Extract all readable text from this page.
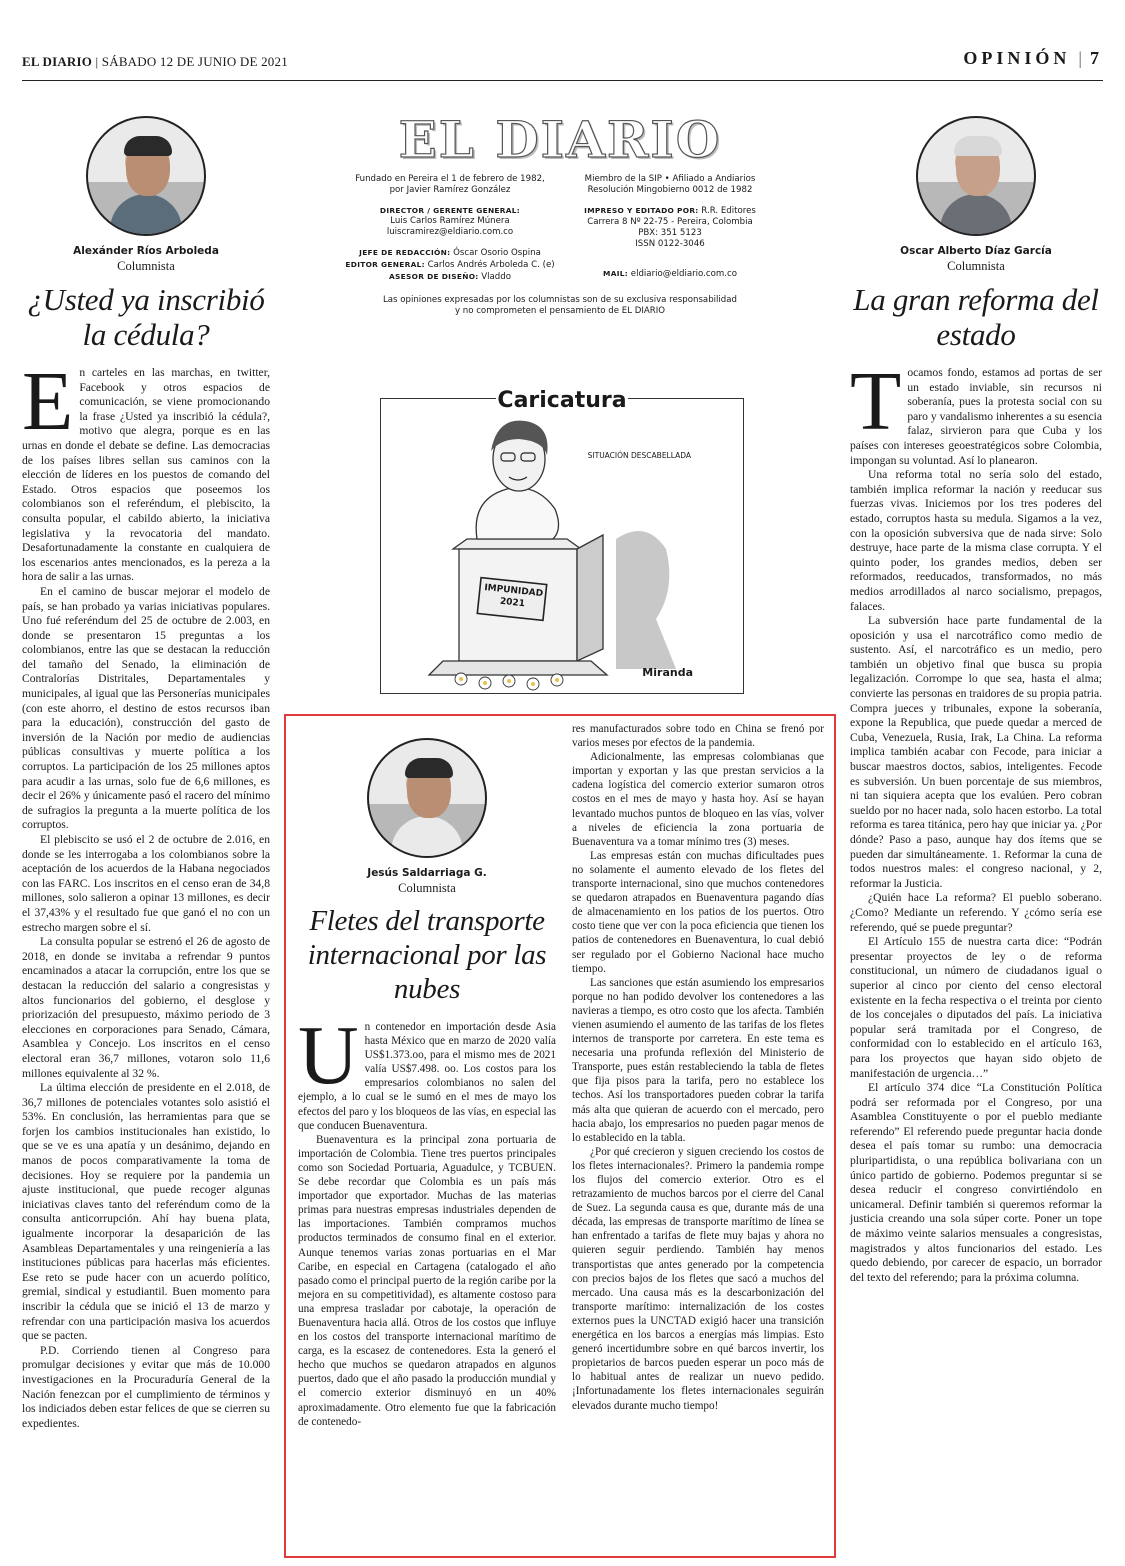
EL DIARIO | SÁBADO 12 DE JUNIO DE 2021	OPINIÓN | 7
Alexánder Ríos Arboleda
Columnista
¿Usted ya inscribió la cédula?
E n carteles en las marchas, en twitter, Facebook y otros espacios de comunicación, se viene promocionando la frase ¿Usted ya inscribió la cédula?, motivo que alegra, porque es en las urnas en donde el debate se define. Las democracias de los países libres sellan sus caminos con la elección de líderes en los puestos de comando del Estado. Otros espacios que poseemos los colombianos son el referéndum, el plebiscito, la consulta popular, el cabildo abierto, la iniciativa legislativa y la revocatoria del mandato. Desafortunadamente la constante en cualquiera de los escenarios antes mencionados, es la pereza a la hora de salir a las urnas.

En el camino de buscar mejorar el modelo de país, se han probado ya varias iniciativas populares. Uno fué referéndum del 25 de octubre de 2.003, en donde se presentaron 15 preguntas a los colombianos, entre las que se destacan la reducción del tamaño del Senado, la eliminación de Contralorías Distritales, Departamentales y municipales, al igual que las Personerías municipales (con este ahorro, el destino de estos recursos iban para la educación), construcción del gasto de inversión de la Nación por medio de audiencias públicas consultivas y muerte política a los corruptos. La participación de los 25 millones aptos para acudir a las urnas, solo fue de 6,6 millones, es decir el 26% y únicamente pasó el racero del mínimo de sufragios la pregunta a la muerte política de los corruptos.

El plebiscito se usó el 2 de octubre de 2.016, en donde se les interrogaba a los colombianos sobre la aceptación de los acuerdos de la Habana negociados con las FARC. Los inscritos en el censo eran de 34,8 millones, solo salieron a opinar 13 millones, es decir el 37,43% y el resultado fue que ganó el no con un estrecho margen sobre el sí.

La consulta popular se estrenó el 26 de agosto de 2018, en donde se invitaba a refrendar 9 puntos encaminados a atacar la corrupción, entre los que se destacan la reducción del salario a congresistas y altos funcionarios del gobierno, el desglose y priorización del presupuesto, máximo periodo de 3 elecciones en corporaciones para Senado, Cámara, Asamblea y Concejo. Los inscritos en el censo electoral eran 36,7 millones, votaron solo 11,6 millones equivalente al 32 %.

La última elección de presidente en el 2.018, de 36,7 millones de potenciales votantes solo asistió el 53%. En conclusión, las herramientas para que se forjen los cambios institucionales han existido, lo que se ve es una apatía y un desánimo, dejando en manos de pocos comparativamente la toma de decisiones. Hoy se requiere por la pandemia un ajuste institucional, que puede recoger algunas iniciativas claves tanto del referéndum como de la consulta anticorrupción. Ahí hay buena plata, igualmente incorporar la desaparición de las Asambleas Departamentales y una reingeniería a las instituciones públicas para hacerlas más eficientes. Ese reto se pude hacer con un acuerdo político, gremial, sindical y estudiantil. Buen momento para inscribir la cédula que se inició el 13 de marzo y refrendar con una participación masiva los acuerdos que se pacten.

P.D. Corriendo tienen al Congreso para promulgar decisiones y evitar que más de 10.000 investigaciones en la Procuraduría General de la Nación fenezcan por el cumplimiento de términos y los indiciados deben estar felices de que se cierren su expedientes.

EL DIARIO
Fundado en Pereira el 1 de febrero de 1982,
por Javier Ramírez González
DIRECTOR / GERENTE GENERAL:
Luis Carlos Ramírez Múnera
luiscramirez@eldiario.com.co
JEFE DE REDACCIÓN: Óscar Osorio Ospina
EDITOR GENERAL: Carlos Andrés Arboleda C. (e)
ASESOR DE DISEÑO: Vladdo
Miembro de la SIP • Afiliado a Andiarios
Resolución Mingobierno 0012 de 1982
IMPRESO Y EDITADO POR: R.R. Editores
Carrera 8 Nº 22-75 - Pereira, Colombia
PBX: 351 5123
ISSN 0122-3046
MAIL: eldiario@eldiario.com.co
Las opiniones expresadas por los columnistas son de su exclusiva responsabilidad
y no comprometen el pensamiento de EL DIARIO
Caricatura
SITUACIÓN DESCABELLADA
IMPUNIDAD
2021
Miranda
Jesús Saldarriaga G.
Columnista
Fletes del transporte internacional por las nubes
U n contenedor en importación desde Asia hasta México que en marzo de 2020 valía US$1.373.oo, para el mismo mes de 2021 valía US$7.498. oo. Los costos para los empresarios colombianos no salen del ejemplo, a lo cual se le sumó en el mes de mayo los efectos del paro y los bloqueos de las vías, en especial las que conducen Buenaventura.

Buenaventura es la principal zona portuaria de importación de Colombia. Tiene tres puertos principales como son Sociedad Portuaria, Aguadulce, y TCBUEN. Se debe recordar que Colombia es un país más importador que exportador. Muchas de las materias primas para nuestras empresas industriales dependen de las importaciones. También compramos muchos productos terminados de consumo final en el exterior. Aunque tenemos varias zonas portuarias en el Mar Caribe, en especial en Cartagena (catalogado el año pasado como el principal puerto de la región caribe por la mejora en su competitividad), es altamente costoso para una empresa trasladar por cabotaje, la operación de Buenaventura hacia allá. Otros de los costos que influye en los costos del transporte internacional marítimo de carga, es la escasez de contenedores. Esta la generó el hecho que muchos se quedaron atrapados en algunos puertos, dado que el año pasado la producción mundial y el comercio exterior disminuyó en un 40% aproximadamente. Otro elemento fue que la fabricación de contenedo-

res manufacturados sobre todo en China se frenó por varios meses por efectos de la pandemia.

Adicionalmente, las empresas colombianas que importan y exportan y las que prestan servicios a la cadena logística del comercio exterior sumaron otros costos en el mes de mayo y hasta hoy. Así se hayan levantado muchos puntos de bloqueo en las vías, volver a niveles de eficiencia la zona portuaria de Buenaventura va a tomar mínimo tres (3) meses.

Las empresas están con muchas dificultades pues no solamente el aumento elevado de los fletes del transporte internacional, sino que muchos contenedores se quedaron atrapados en Buenaventura pagando días de almacenamiento en los patios de los puertos. Otro costo tiene que ver con la poca eficiencia que tienen los patios de contenedores en Buenaventura, lo cual debió ser regulado por el Gobierno Nacional hace mucho tiempo.

Las sanciones que están asumiendo los empresarios porque no han podido devolver los contenedores a las navieras a tiempo, es otro costo que los afecta. También vienen asumiendo el aumento de las tarifas de los fletes internos de transporte por carretera. En este tema es necesaria una profunda reflexión del Ministerio de Transporte, pues están restableciendo la tabla de fletes que fija pisos para la tarifa, pero no establece los techos. Así los transportadores pueden cobrar la tarifa más alta que quieran de acuerdo con el mercado, pero hacia abajo, los empresarios no pueden pagar menos de lo establecido en la tabla.

¿Por qué crecieron y siguen creciendo los costos de los fletes internacionales?. Primero la pandemia rompe los flujos del comercio exterior. Otro es el retrazamiento de muchos barcos por el cierre del Canal de Suez. La segunda causa es que, durante más de una década, las empresas de transporte marítimo de línea se han enfrentado a tarifas de flete muy bajas y ahora no quieren seguir perdiendo. También hay menos transportistas que antes generado por la competencia con precios bajos de los fletes que sacó a muchos del mercado. Una causa más es la descarbonización del transporte marítimo: internalización de los costes externos pues la UNCTAD exigió hacer una transición energética en los barcos a energías más limpias. Esto generó incertidumbre sobre en qué barcos invertir, los propietarios de barcos pueden esperar un poco más de lo habitual antes de realizar un nuevo pedido. ¡Infortunadamente los fletes internacionales seguirán elevados durante mucho tiempo!

Oscar Alberto Díaz García
Columnista
La gran reforma del estado
T ocamos fondo, estamos ad portas de ser un estado inviable, sin recursos ni soberanía, pues la protesta social con su paro y vandalismo inherentes a su esencia falaz, sirvieron para que Cuba y los países con intereses geoestratégicos sobre Colombia, impongan su voluntad. Así lo planearon.

Una reforma total no sería solo del estado, también implica reformar la nación y reeducar sus fuerzas vivas. Iniciemos por los tres poderes del estado, corruptos hasta su medula. Sigamos a la vez, con la oposición subversiva que de nada sirve: Solo destruye, hace parte de la misma clase corrupta. Y el quinto poder, los grandes medios, deben ser reformados, reeducados, transformados, no más medios arrodillados al narco socialismo, prepagos, falaces.

La subversión hace parte fundamental de la oposición y usa el narcotráfico como medio de sustento. Así, el narcotráfico es un medio, pero también un objetivo final que busca su propia legalización. Corrompe lo que sea, hasta el alma; convierte las personas en traidores de su propia patria. Compra jueces y tribunales, expone la soberanía, expone la Republica, que puede quedar a merced de Cuba, Venezuela, Rusia, Irak, La China. La reforma implica también acabar con Fecode, para iniciar a buscar maestros doctos, sabios, inteligentes. Fecode es subversión. Un buen porcentaje de sus miembros, ni tan siquiera acepta que los evalúen. Pero cobran sueldo por no hacer nada, solo hacen estorbo. La total reforma es tarea titánica, pero hay que iniciar ya. ¿Por dónde? Paso a paso, aunque hay dos ítems que se pueden dar simultáneamente. 1. Reformar la cuna de todos nuestros males: el congreso nacional, y 2, reformar la Justicia.

¿Quién hace La reforma? El pueblo soberano. ¿Como? Mediante un referendo. Y ¿cómo sería ese referendo, qué se puede preguntar?

El Artículo 155 de nuestra carta dice: “Podrán presentar proyectos de ley o de reforma constitucional, un número de ciudadanos igual o superior al cinco por ciento del censo electoral existente en la fecha respectiva o el treinta por ciento de los concejales o diputados del país. La iniciativa popular será tramitada por el Congreso, de conformidad con lo establecido en el artículo 163, para los proyectos que hayan sido objeto de manifestación de urgencia…”

El artículo 374 dice “La Constitución Política podrá ser reformada por el Congreso, por una Asamblea Constituyente o por el pueblo mediante referendo” El referendo puede preguntar hacia donde desea el país tomar su rumbo: una democracia pluripartidista, o una república bolivariana con un único partido de gobierno. Podemos preguntar si se desea reducir el congreso convirtiéndolo en unicameral. Definir también si queremos reformar la justicia creando una sola súper corte. Poner un tope de máximo veinte salarios mensuales a congresistas, magistrados y altos funcionarios del estado. Les quedo debiendo, por carecer de espacio, un borrador del texto del referendo; para la próxima columna.
